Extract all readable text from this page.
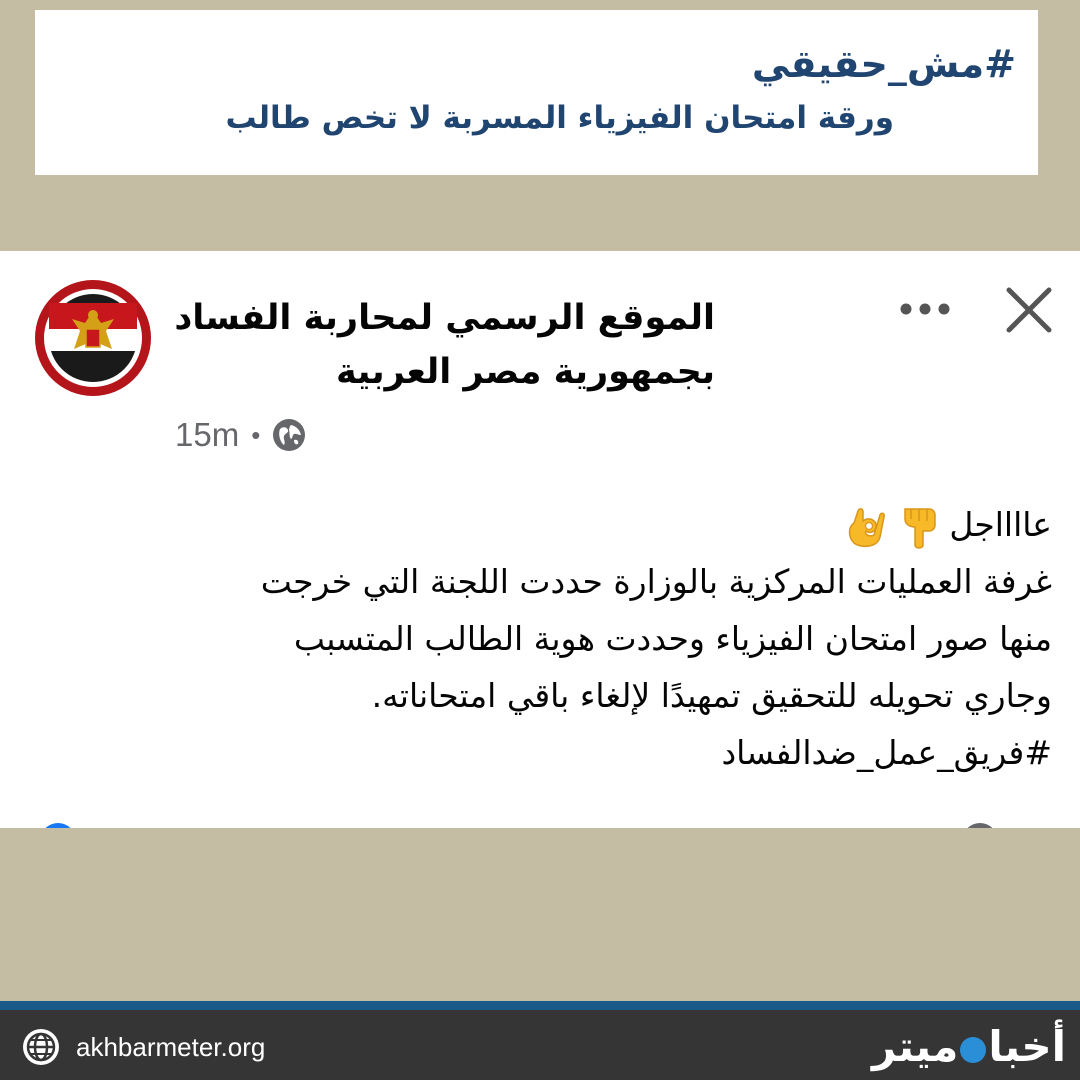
#مش_حقيقي

ورقة امتحان الفيزياء المسربة لا تخص طالب

الموقع الرسمي لمحاربة الفساد
بجمهورية مصر العربية
15m •

عااااجل

غرفة العمليات المركزية بالوزارة حددت اللجنة التي خرجت

منها صور امتحان الفيزياء وحددت هوية الطالب المتسبب

وجاري تحويله للتحقيق تمهيدًا لإلغاء باقي امتحاناته.

#فريق_عمل_ضدالفساد

akhbarmeter.org	أخباميتر
